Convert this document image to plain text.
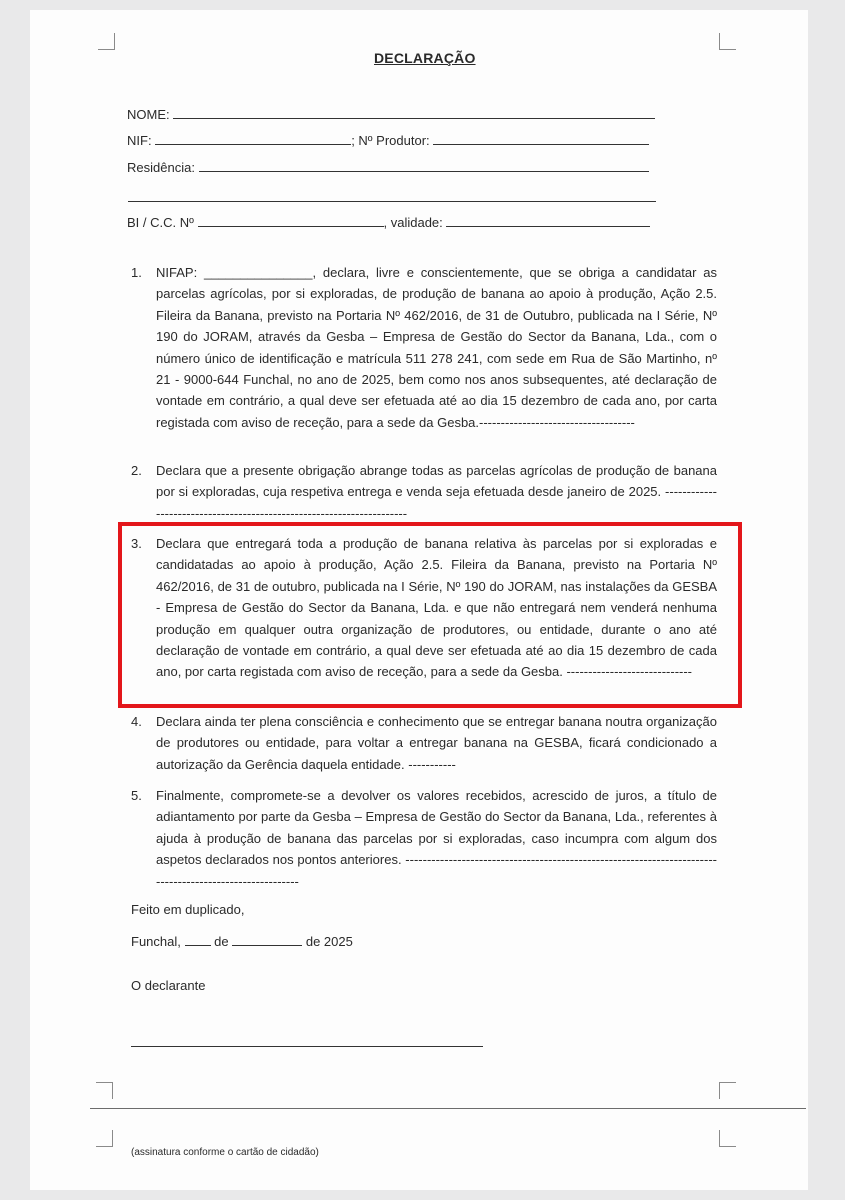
DECLARAÇÃO
NOME:
NIF:	; Nº Produtor:
Residência:
BI / C.C. Nº	, validade:
1. NIFAP: _______________, declara, livre e conscientemente, que se obriga a candidatar as parcelas agrícolas, por si exploradas, de produção de banana ao apoio à produção, Ação 2.5. Fileira da Banana, previsto na Portaria Nº 462/2016, de 31 de Outubro, publicada na I Série, Nº 190 do JORAM, através da Gesba – Empresa de Gestão do Sector da Banana, Lda., com o número único de identificação e matrícula 511 278 241, com sede em Rua de São Martinho, nº 21 - 9000-644 Funchal, no ano de 2025, bem como nos anos subsequentes, até declaração de vontade em contrário, a qual deve ser efetuada até ao dia 15 dezembro de cada ano, por carta registada com aviso de receção, para a sede da Gesba.------------------------------------
2. Declara que a presente obrigação abrange todas as parcelas agrícolas de produção de banana por si exploradas, cuja respetiva entrega e venda seja efetuada desde janeiro de 2025. ----------------------------------------------------------------------
3. Declara que entregará toda a produção de banana relativa às parcelas por si exploradas e candidatadas ao apoio à produção, Ação 2.5. Fileira da Banana, previsto na Portaria Nº 462/2016, de 31 de outubro, publicada na I Série, Nº 190 do JORAM, nas instalações da GESBA - Empresa de Gestão do Sector da Banana, Lda. e que não entregará nem venderá nenhuma produção em qualquer outra organização de produtores, ou entidade, durante o ano até declaração de vontade em contrário, a qual deve ser efetuada até ao dia 15 dezembro de cada ano, por carta registada com aviso de receção, para a sede da Gesba. -----------------------------
4. Declara ainda ter plena consciência e conhecimento que se entregar banana noutra organização de produtores ou entidade, para voltar a entregar banana na GESBA, ficará condicionado a autorização da Gerência daquela entidade. -----------
5. Finalmente, compromete-se a devolver os valores recebidos, acrescido de juros, a título de adiantamento por parte da Gesba – Empresa de Gestão do Sector da Banana, Lda., referentes à ajuda à produção de banana das parcelas por si exploradas, caso incumpra com algum dos aspetos declarados nos pontos anteriores. ---------------------------------------------------------------------------------------------------------
Feito em duplicado,
Funchal,	de	de 2025
O declarante
(assinatura conforme o cartão de cidadão)
